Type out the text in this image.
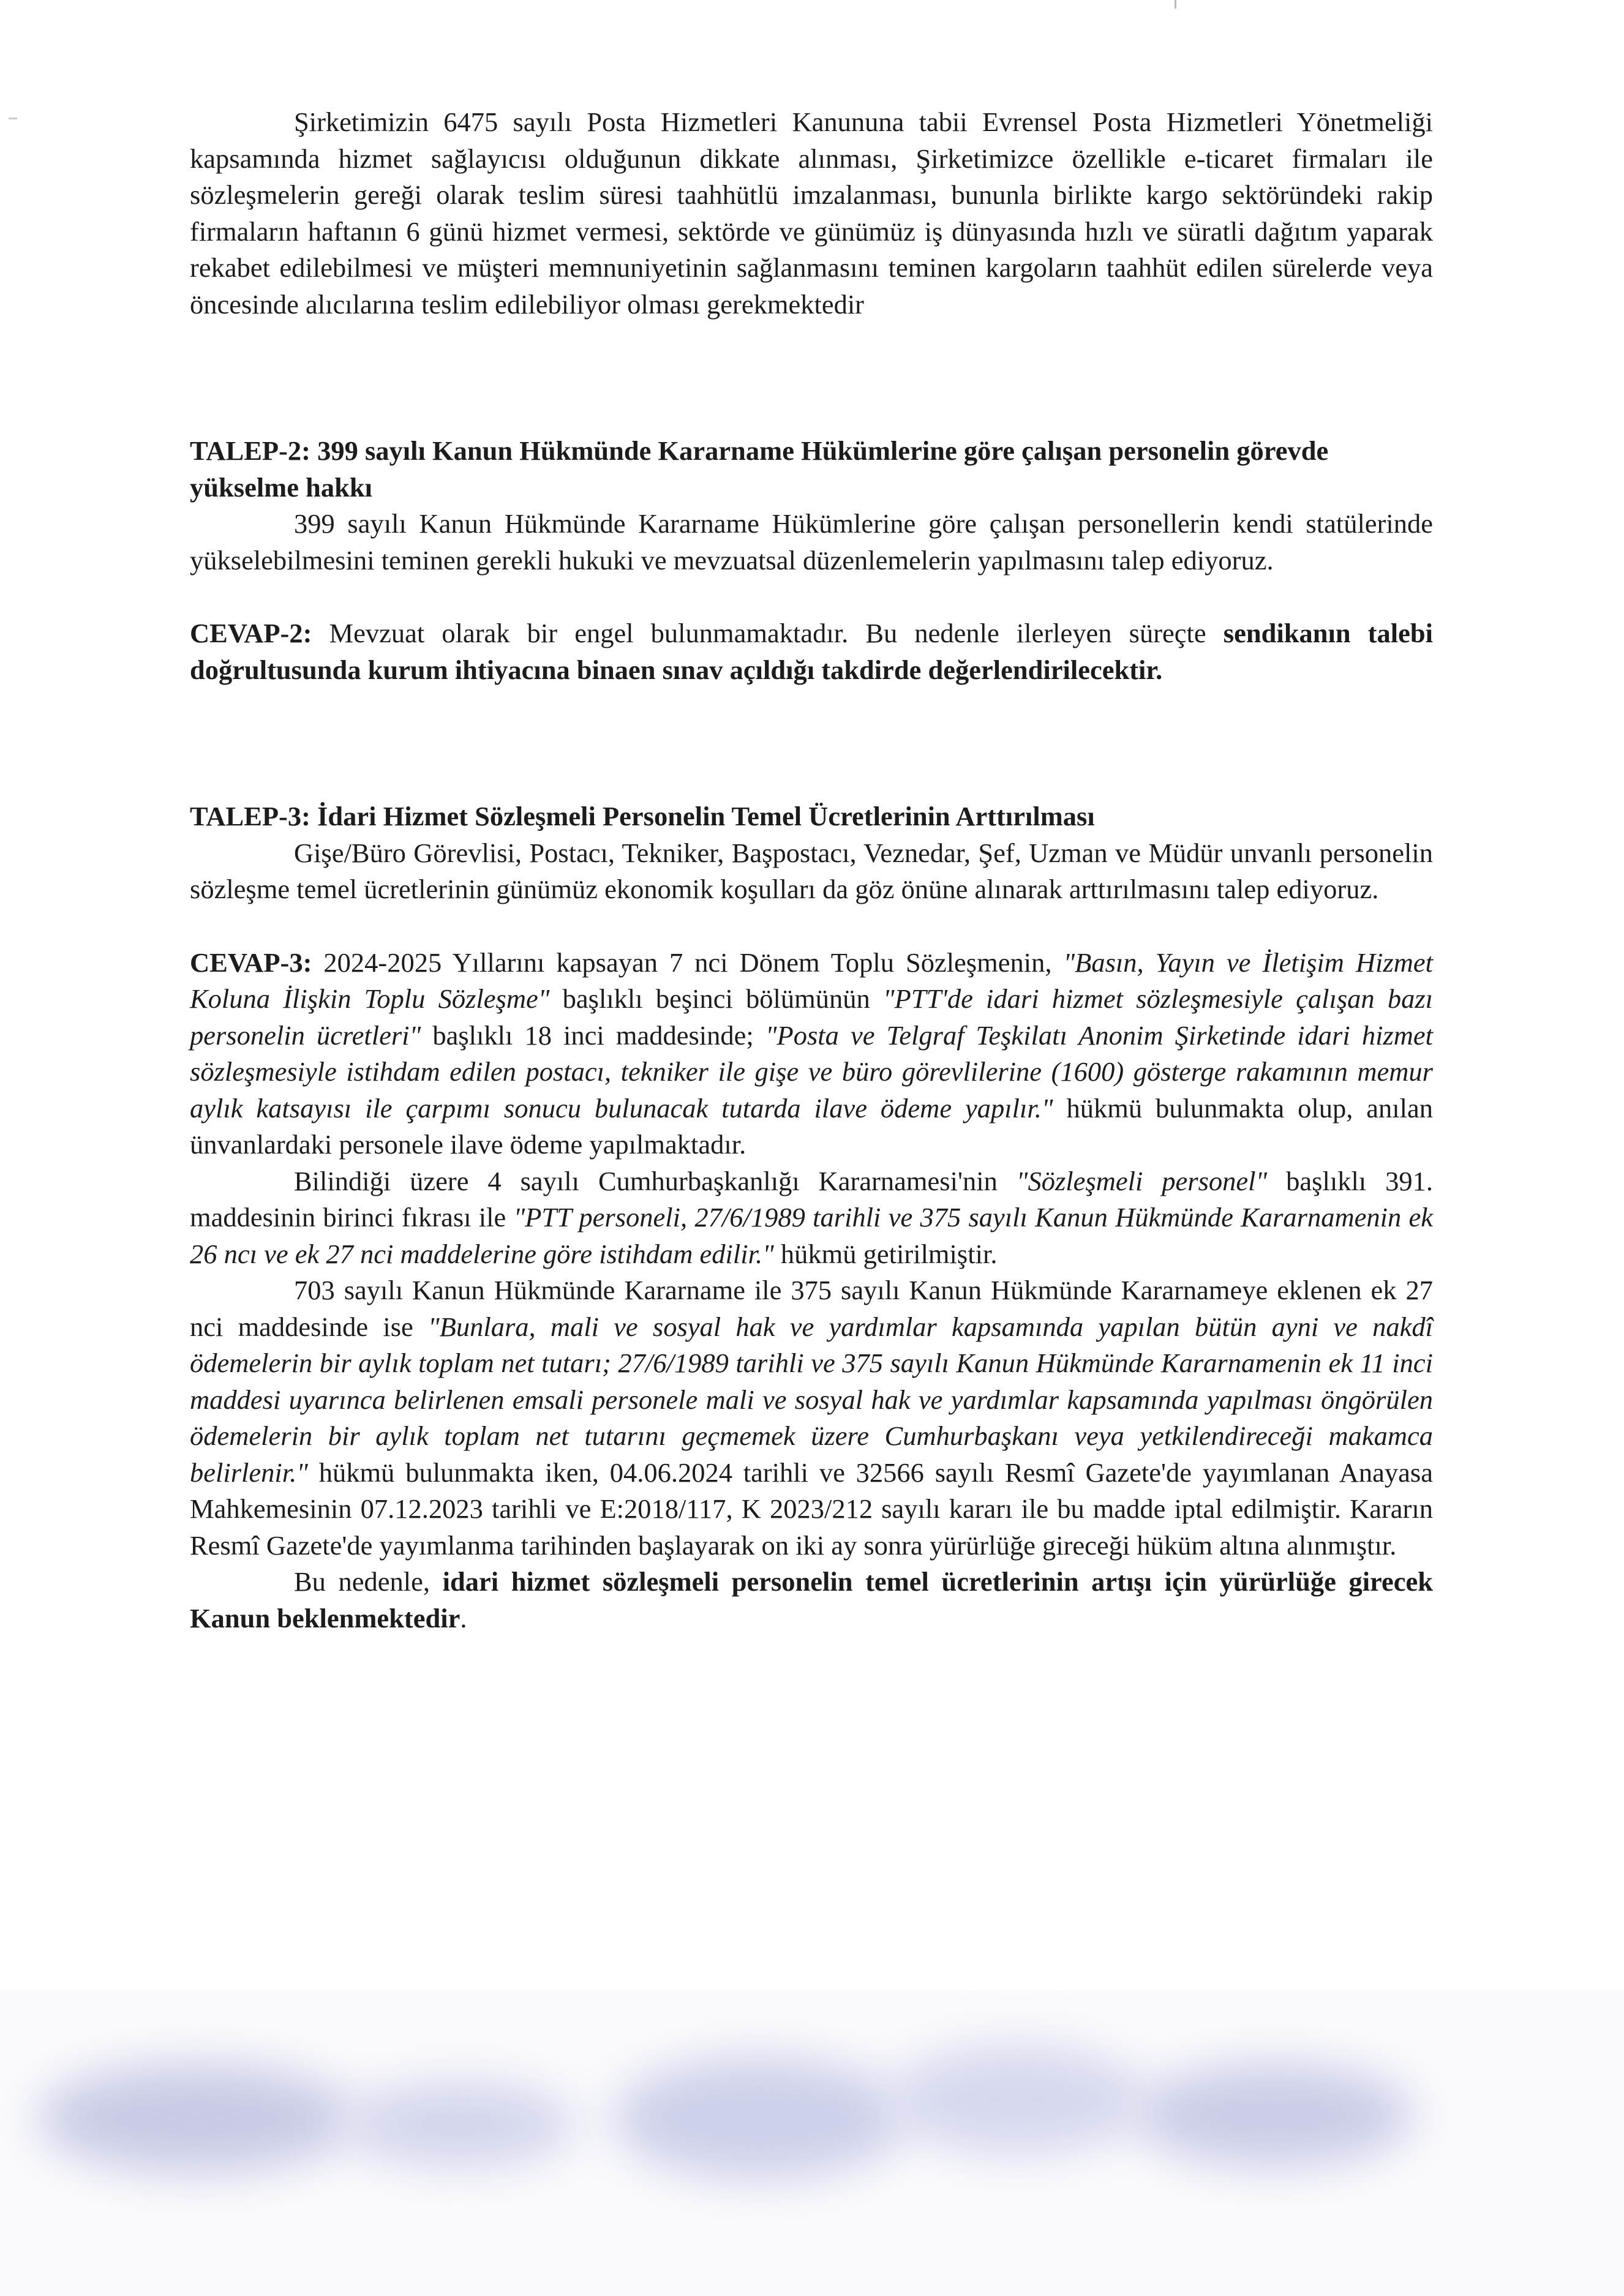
Şirketimizin 6475 sayılı Posta Hizmetleri Kanununa tabii Evrensel Posta Hizmetleri Yönetmeliği kapsamında hizmet sağlayıcısı olduğunun dikkate alınması, Şirketimizce özellikle e-ticaret firmaları ile sözleşmelerin gereği olarak teslim süresi taahhütlü imzalanması, bununla birlikte kargo sektöründeki rakip firmaların haftanın 6 günü hizmet vermesi, sektörde ve günümüz iş dünyasında hızlı ve süratli dağıtım yaparak rekabet edilebilmesi ve müşteri memnuniyetinin sağlanmasını teminen kargoların taahhüt edilen sürelerde veya öncesinde alıcılarına teslim edilebiliyor olması gerekmektedir

TALEP-2: 399 sayılı Kanun Hükmünde Kararname Hükümlerine göre çalışan personelin görevde yükselme hakkı

399 sayılı Kanun Hükmünde Kararname Hükümlerine göre çalışan personellerin kendi statülerinde yükselebilmesini teminen gerekli hukuki ve mevzuatsal düzenlemelerin yapılmasını talep ediyoruz.

CEVAP-2: Mevzuat olarak bir engel bulunmamaktadır. Bu nedenle ilerleyen süreçte sendikanın talebi doğrultusunda kurum ihtiyacına binaen sınav açıldığı takdirde değerlendirilecektir.

TALEP-3: İdari Hizmet Sözleşmeli Personelin Temel Ücretlerinin Arttırılması

Gişe/Büro Görevlisi, Postacı, Tekniker, Başpostacı, Veznedar, Şef, Uzman ve Müdür unvanlı personelin sözleşme temel ücretlerinin günümüz ekonomik koşulları da göz önüne alınarak arttırılmasını talep ediyoruz.

CEVAP-3: 2024-2025 Yıllarını kapsayan 7 nci Dönem Toplu Sözleşmenin, "Basın, Yayın ve İletişim Hizmet Koluna İlişkin Toplu Sözleşme" başlıklı beşinci bölümünün "PTT'de idari hizmet sözleşmesiyle çalışan bazı personelin ücretleri" başlıklı 18 inci maddesinde; "Posta ve Telgraf Teşkilatı Anonim Şirketinde idari hizmet sözleşmesiyle istihdam edilen postacı, tekniker ile gişe ve büro görevlilerine (1600) gösterge rakamının memur aylık katsayısı ile çarpımı sonucu bulunacak tutarda ilave ödeme yapılır." hükmü bulunmakta olup, anılan ünvanlardaki personele ilave ödeme yapılmaktadır.

Bilindiği üzere 4 sayılı Cumhurbaşkanlığı Kararnamesi'nin "Sözleşmeli personel" başlıklı 391. maddesinin birinci fıkrası ile "PTT personeli, 27/6/1989 tarihli ve 375 sayılı Kanun Hükmünde Kararnamenin ek 26 ncı ve ek 27 nci maddelerine göre istihdam edilir." hükmü getirilmiştir.

703 sayılı Kanun Hükmünde Kararname ile 375 sayılı Kanun Hükmünde Kararnameye eklenen ek 27 nci maddesinde ise "Bunlara, mali ve sosyal hak ve yardımlar kapsamında yapılan bütün ayni ve nakdî ödemelerin bir aylık toplam net tutarı; 27/6/1989 tarihli ve 375 sayılı Kanun Hükmünde Kararnamenin ek 11 inci maddesi uyarınca belirlenen emsali personele mali ve sosyal hak ve yardımlar kapsamında yapılması öngörülen ödemelerin bir aylık toplam net tutarını geçmemek üzere Cumhurbaşkanı veya yetkilendireceği makamca belirlenir." hükmü bulunmakta iken, 04.06.2024 tarihli ve 32566 sayılı Resmî Gazete'de yayımlanan Anayasa Mahkemesinin 07.12.2023 tarihli ve E:2018/117, K 2023/212 sayılı kararı ile bu madde iptal edilmiştir. Kararın Resmî Gazete'de yayımlanma tarihinden başlayarak on iki ay sonra yürürlüğe gireceği hüküm altına alınmıştır.

Bu nedenle, idari hizmet sözleşmeli personelin temel ücretlerinin artışı için yürürlüğe girecek Kanun beklenmektedir.
